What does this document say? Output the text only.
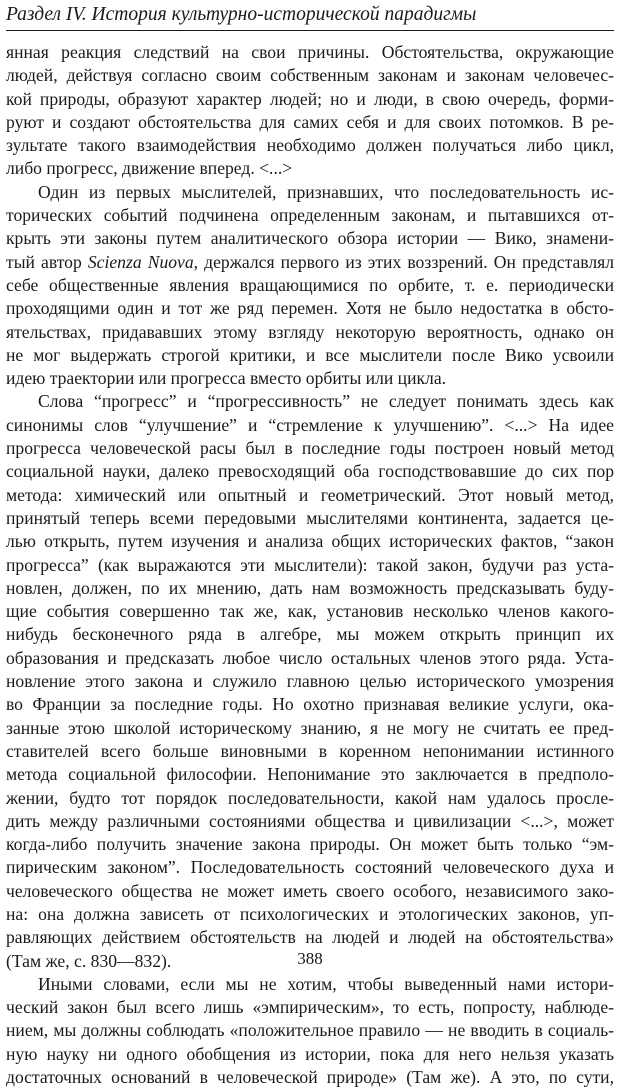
Раздел IV. История культурно-исторической парадигмы
янная реакция следствий на свои причины. Обстоятельства, окружающие
людей, действуя согласно своим собственным законам и законам человечес-
кой природы, образуют характер людей; но и люди, в свою очередь, форми-
руют и создают обстоятельства для самих себя и для своих потомков. В ре-
зультате такого взаимодействия необходимо должен получаться либо цикл,
либо прогресс, движение вперед. <...>
Один из первых мыслителей, признавших, что последовательность ис-
торических событий подчинена определенным законам, и пытавшихся от-
крыть эти законы путем аналитического обзора истории — Вико, знамени-
тый автор Scienza Nuova, держался первого из этих воззрений. Он представлял
себе общественные явления вращающимися по орбите, т. е. периодически
проходящими один и тот же ряд перемен. Хотя не было недостатка в обсто-
ятельствах, придававших этому взгляду некоторую вероятность, однако он
не мог выдержать строгой критики, и все мыслители после Вико усвоили
идею траектории или прогресса вместо орбиты или цикла.
Слова “прогресс” и “прогрессивность” не следует понимать здесь как
синонимы слов “улучшение” и “стремление к улучшению”. <...> На идее
прогресса человеческой расы был в последние годы построен новый метод
социальной науки, далеко превосходящий оба господствовавшие до сих пор
метода: химический или опытный и геометрический. Этот новый метод,
принятый теперь всеми передовыми мыслителями континента, задается це-
лью открыть, путем изучения и анализа общих исторических фактов, “закон
прогресса” (как выражаются эти мыслители): такой закон, будучи раз уста-
новлен, должен, по их мнению, дать нам возможность предсказывать буду-
щие события совершенно так же, как, установив несколько членов какого-
нибудь бесконечного ряда в алгебре, мы можем открыть принцип их
образования и предсказать любое число остальных членов этого ряда. Уста-
новление этого закона и служило главною целью исторического умозрения
во Франции за последние годы. Но охотно признавая великие услуги, ока-
занные этою школой историческому знанию, я не могу не считать ее пред-
ставителей всего больше виновными в коренном непонимании истинного
метода социальной философии. Непонимание это заключается в предполо-
жении, будто тот порядок последовательности, какой нам удалось просле-
дить между различными состояниями общества и цивилизации <...>, может
когда-либо получить значение закона природы. Он может быть только “эм-
пирическим законом”. Последовательность состояний человеческого духа и
человеческого общества не может иметь своего особого, независимого зако-
на: она должна зависеть от психологических и этологических законов, уп-
равляющих действием обстоятельств на людей и людей на обстоятельства»
(Там же, с. 830—832).
Иными словами, если мы не хотим, чтобы выведенный нами истори-
ческий закон был всего лишь «эмпирическим», то есть, попросту, наблюде-
нием, мы должны соблюдать «положительное правило — не вводить в социаль-
ную науку ни одного обобщения из истории, пока для него нельзя указать
достаточных оснований в человеческой природе» (Там же). А это, по сути,
388
